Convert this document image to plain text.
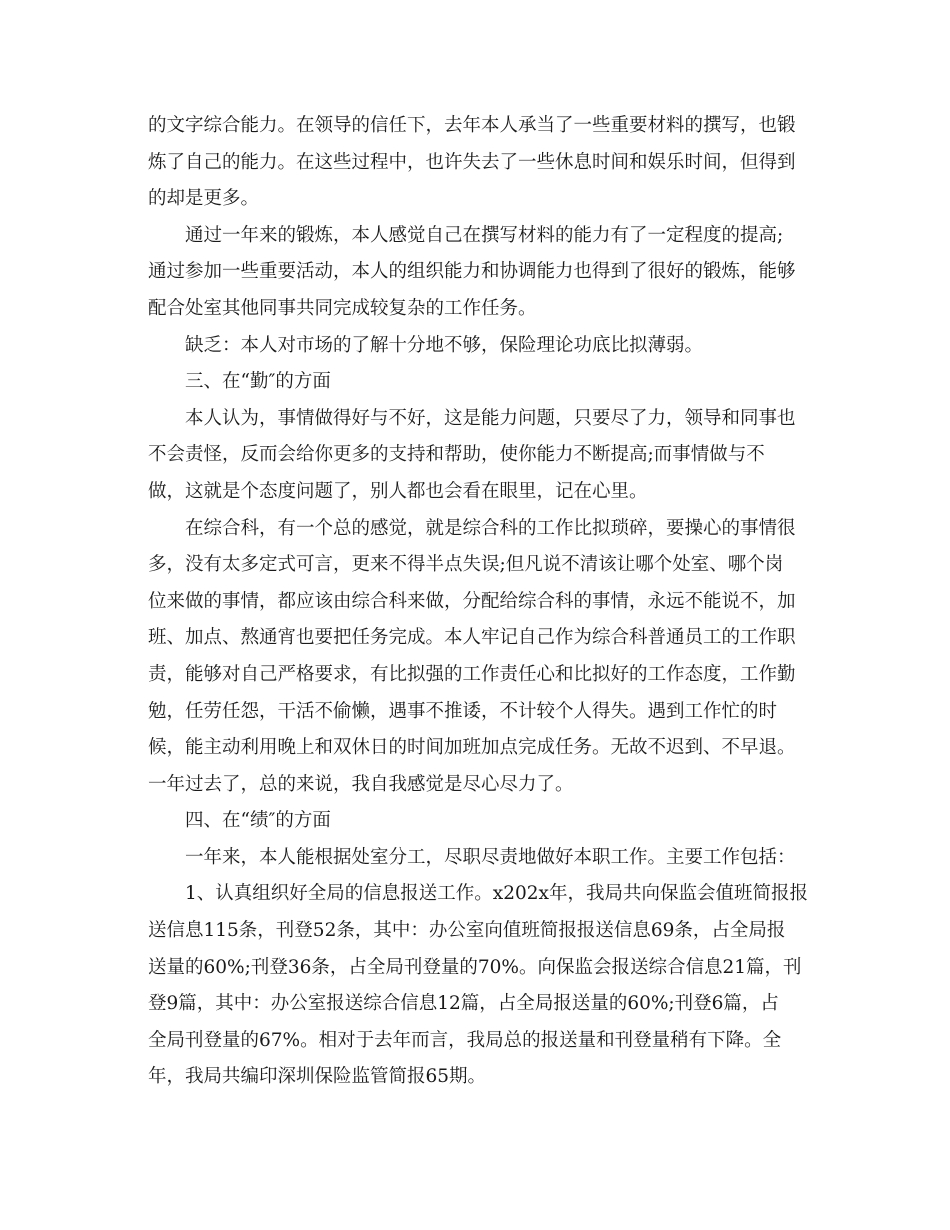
的文字综合能力。在领导的信任下，去年本人承当了一些重要材料的撰写，也锻
炼了自己的能力。在这些过程中，也许失去了一些休息时间和娱乐时间，但得到
的却是更多。
通过一年来的锻炼，本人感觉自己在撰写材料的能力有了一定程度的提高;
通过参加一些重要活动，本人的组织能力和协调能力也得到了很好的锻炼，能够
配合处室其他同事共同完成较复杂的工作任务。
缺乏：本人对市场的了解十分地不够，保险理论功底比拟薄弱。
三、在“勤″的方面
本人认为，事情做得好与不好，这是能力问题，只要尽了力，领导和同事也
不会责怪，反而会给你更多的支持和帮助，使你能力不断提高;而事情做与不
做，这就是个态度问题了，别人都也会看在眼里，记在心里。
在综合科，有一个总的感觉，就是综合科的工作比拟琐碎，要操心的事情很
多，没有太多定式可言，更来不得半点失误;但凡说不清该让哪个处室、哪个岗
位来做的事情，都应该由综合科来做，分配给综合科的事情，永远不能说不，加
班、加点、熬通宵也要把任务完成。本人牢记自己作为综合科普通员工的工作职
责，能够对自己严格要求，有比拟强的工作责任心和比拟好的工作态度，工作勤
勉，任劳任怨，干活不偷懒，遇事不推诿，不计较个人得失。遇到工作忙的时
候，能主动利用晚上和双休日的时间加班加点完成任务。无故不迟到、不早退。
一年过去了，总的来说，我自我感觉是尽心尽力了。
四、在“绩″的方面
一年来，本人能根据处室分工，尽职尽责地做好本职工作。主要工作包括：
1、认真组织好全局的信息报送工作。x202x年，我局共向保监会值班简报报
送信息115条，刊登52条，其中：办公室向值班简报报送信息69条，占全局报
送量的60%;刊登36条，占全局刊登量的70%。向保监会报送综合信息21篇，刊
登9篇，其中：办公室报送综合信息12篇，占全局报送量的60%;刊登6篇，占
全局刊登量的67%。相对于去年而言，我局总的报送量和刊登量稍有下降。全
年，我局共编印深圳保险监管简报65期。
